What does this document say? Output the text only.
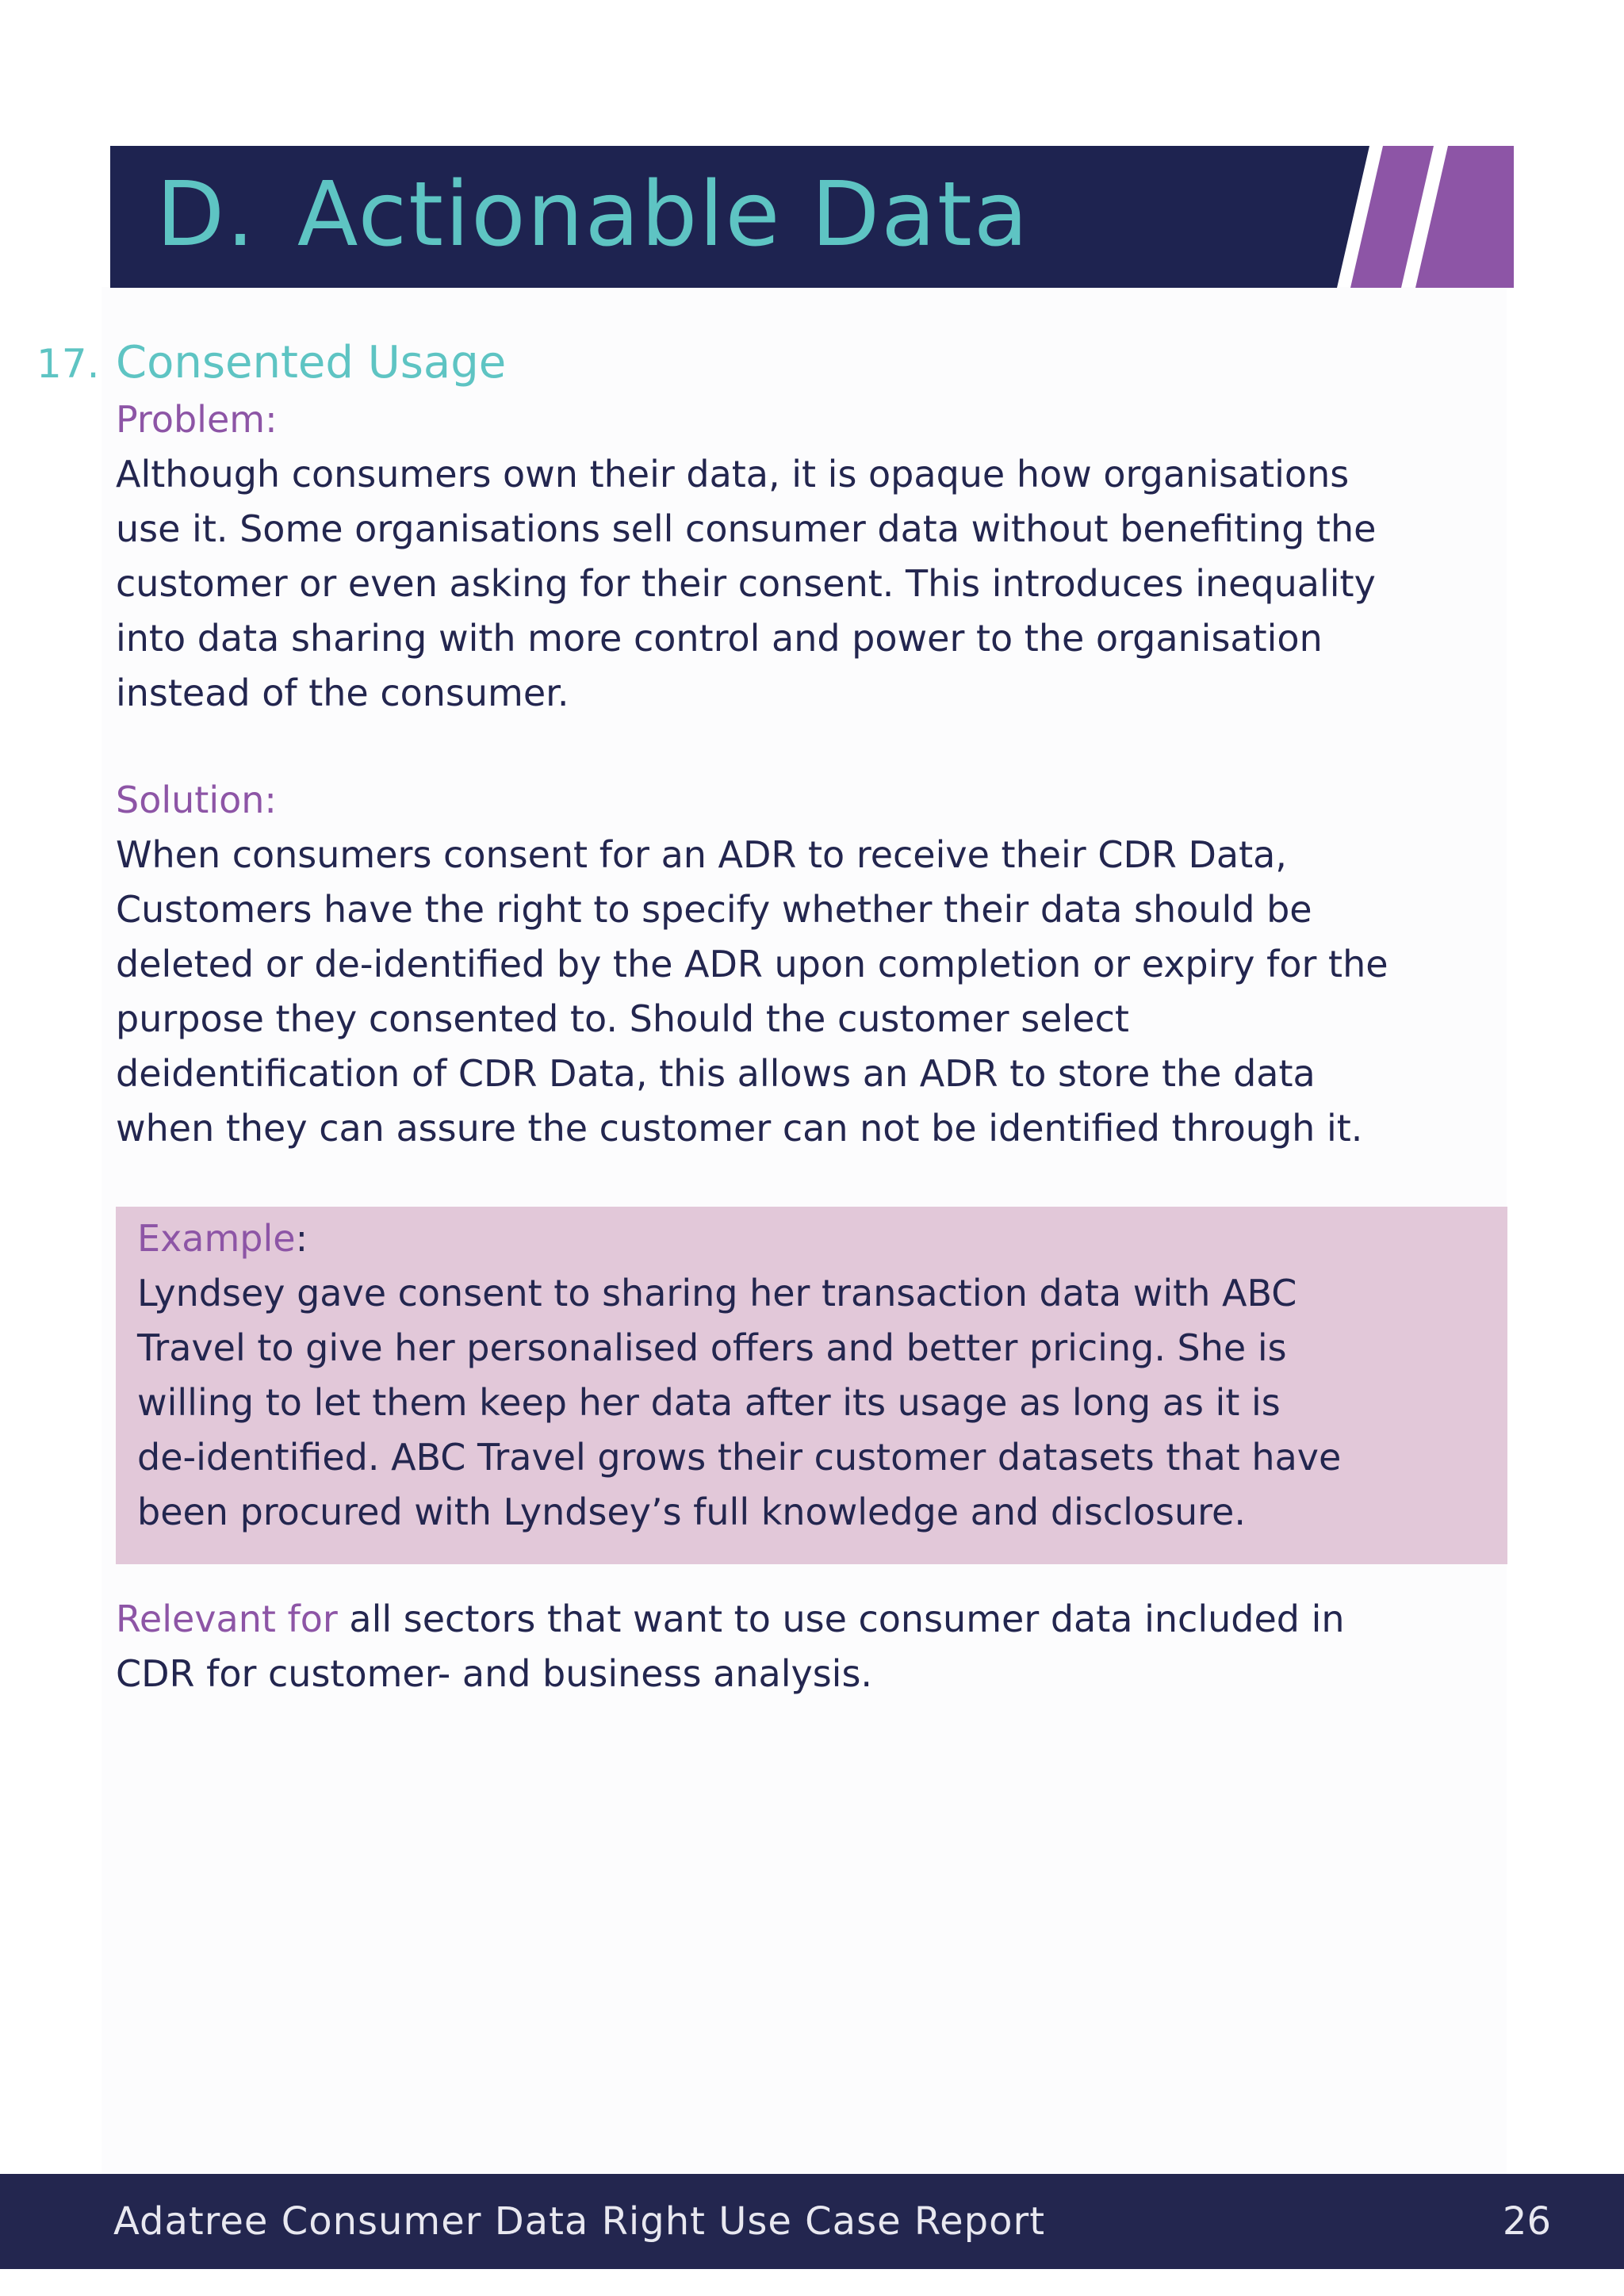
D. Actionable Data
17. Consented Usage
Problem:
Although consumers own their data, it is opaque how organisations
use it. Some organisations sell consumer data without benefiting the
customer or even asking for their consent. This introduces inequality
into data sharing with more control and power to the organisation
instead of the consumer.
Solution:
When consumers consent for an ADR to receive their CDR Data,
Customers have the right to specify whether their data should be
deleted or de-identified by the ADR upon completion or expiry for the
purpose they consented to. Should the customer select
deidentification of CDR Data, this allows an ADR to store the data
when they can assure the customer can not be identified through it.
Example:
Lyndsey gave consent to sharing her transaction data with ABC
Travel to give her personalised offers and better pricing. She is
willing to let them keep her data after its usage as long as it is
de-identified. ABC Travel grows their customer datasets that have
been procured with Lyndsey’s full knowledge and disclosure.
Relevant for all sectors that want to use consumer data included in
CDR for customer- and business analysis.
Adatree Consumer Data Right Use Case Report	26
